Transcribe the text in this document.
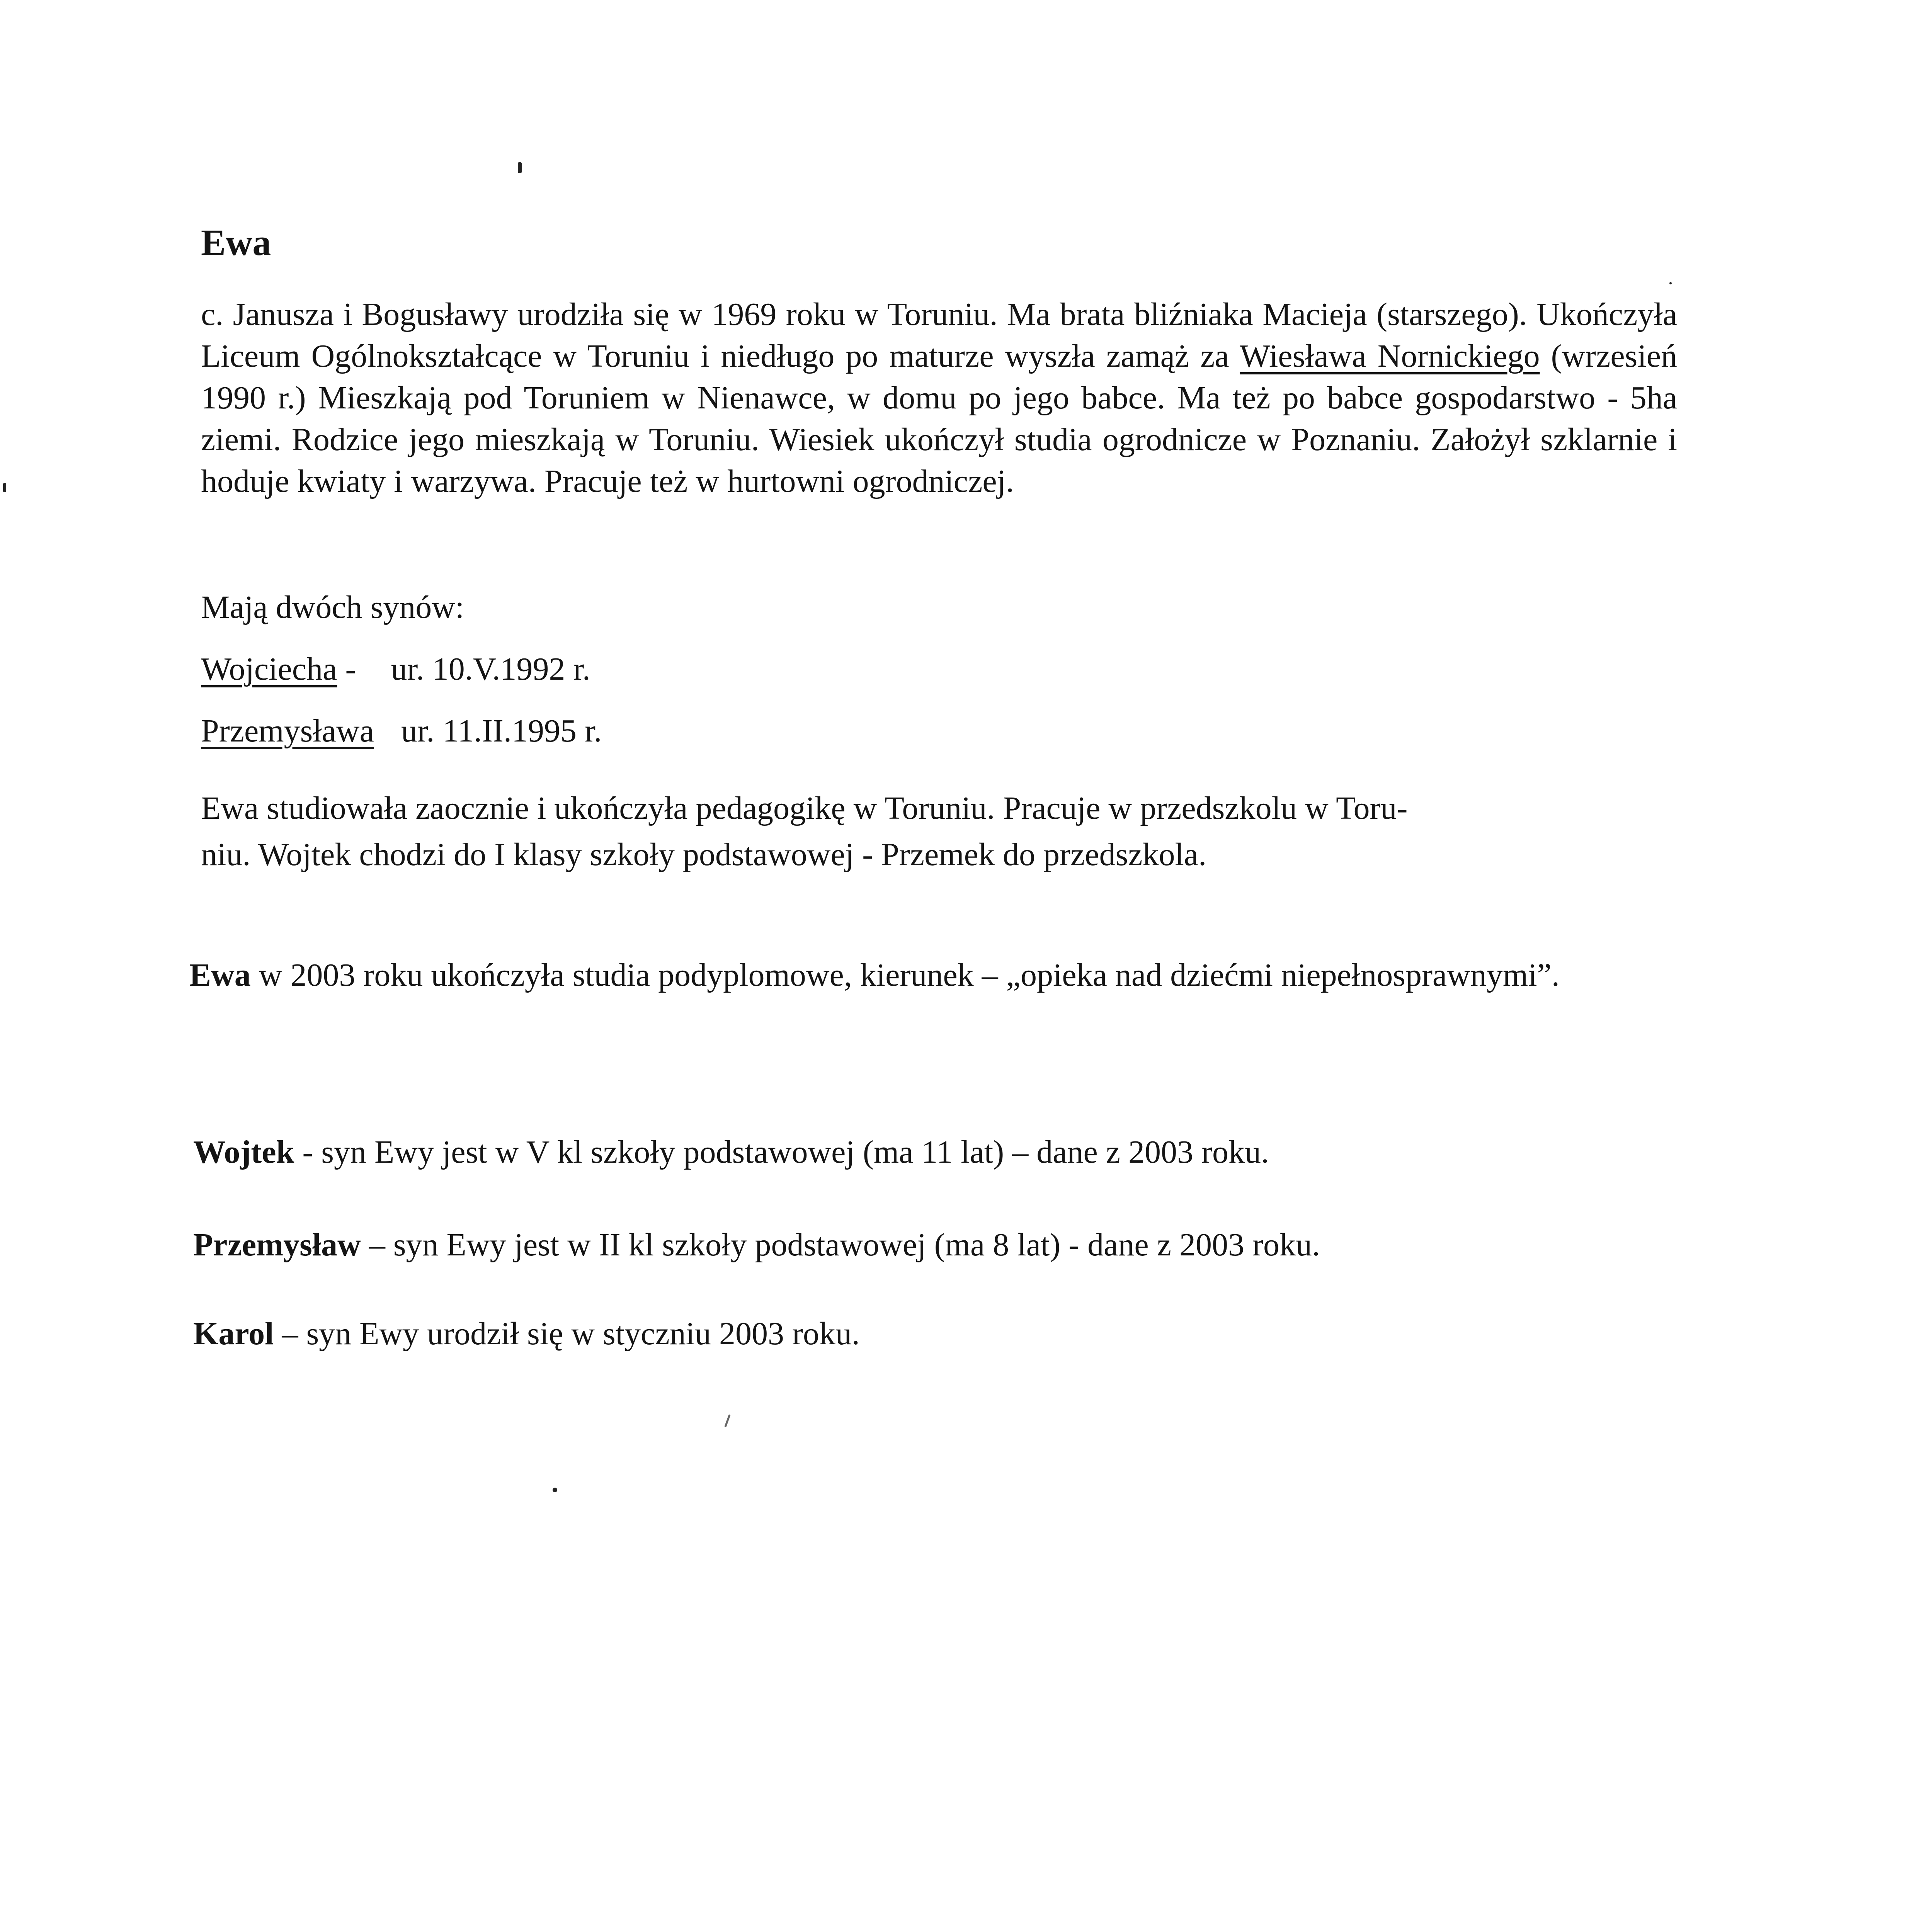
Ewa

c. Janusza i Bogusławy urodziła się w 1969 roku w Toruniu. Ma brata bliźniaka Macieja (starszego). Ukończyła Liceum Ogólnokształcące w Toruniu i niedługo po maturze wyszła zamąż za Wiesława Nornickiego (wrzesień 1990 r.) Mieszkają pod Toruniem w Nienawce, w domu po jego babce. Ma też po babce gospodarstwo - 5ha ziemi. Rodzice jego mieszkają w Toruniu. Wiesiek ukończył studia ogrodnicze w Poznaniu. Założył szklarnie i hoduje kwiaty i warzywa. Pracuje też w hurtowni ogrodniczej.

Mają dwóch synów:
Wojciecha - ur. 10.V.1992 r.
Przemysława ur. 11.II.1995 r.
Ewa studiowała zaocznie i ukończyła pedagogikę w Toruniu. Pracuje w przedszkolu w Toru-
niu. Wojtek chodzi do I klasy szkoły podstawowej - Przemek do przedszkola.

Ewa w 2003 roku ukończyła studia podyplomowe, kierunek – „opieka nad dziećmi niepełnosprawnymi”.

Wojtek - syn Ewy jest w V kl szkoły podstawowej (ma 11 lat) – dane z 2003 roku.
Przemysław – syn Ewy jest w II kl szkoły podstawowej (ma 8 lat) - dane z 2003 roku.
Karol – syn Ewy urodził się w styczniu 2003 roku.
